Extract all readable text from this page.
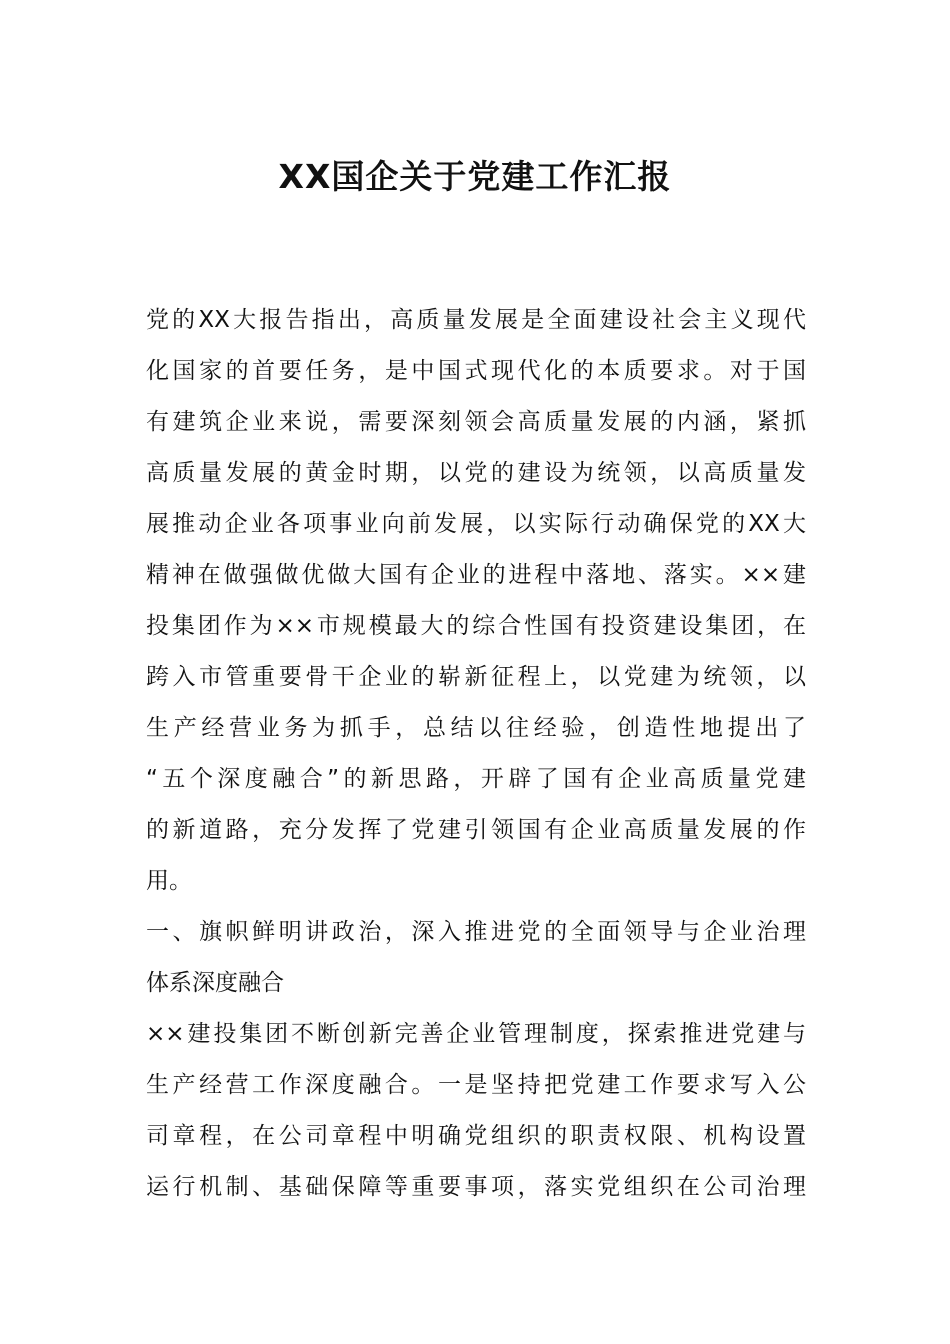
XX国企关于党建工作汇报
党的XX大报告指出，高质量发展是全面建设社会主义现代
化国家的首要任务，是中国式现代化的本质要求。对于国
有建筑企业来说，需要深刻领会高质量发展的内涵，紧抓
高质量发展的黄金时期，以党的建设为统领，以高质量发
展推动企业各项事业向前发展，以实际行动确保党的XX大
精神在做强做优做大国有企业的进程中落地、落实。××建
投集团作为××市规模最大的综合性国有投资建设集团，在
跨入市管重要骨干企业的崭新征程上，以党建为统领，以
生产经营业务为抓手，总结以往经验，创造性地提出了
“五个深度融合”的新思路，开辟了国有企业高质量党建
的新道路，充分发挥了党建引领国有企业高质量发展的作
用。
一、旗帜鲜明讲政治，深入推进党的全面领导与企业治理
体系深度融合
××建投集团不断创新完善企业管理制度，探索推进党建与
生产经营工作深度融合。一是坚持把党建工作要求写入公
司章程，在公司章程中明确党组织的职责权限、机构设置
运行机制、基础保障等重要事项，落实党组织在公司治理
